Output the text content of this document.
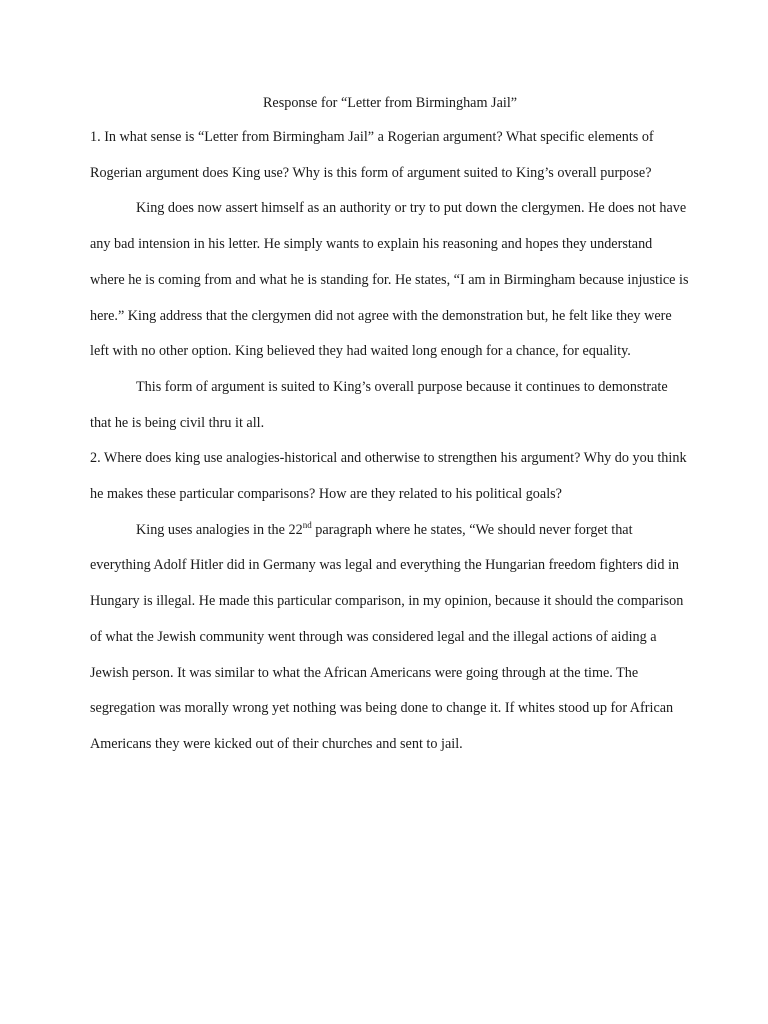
Response for “Letter from Birmingham Jail”

1. In what sense is “Letter from Birmingham Jail” a Rogerian argument? What specific elements of Rogerian argument does King use? Why is this form of argument suited to King’s overall purpose?

King does now assert himself as an authority or try to put down the clergymen. He does not have any bad intension in his letter. He simply wants to explain his reasoning and hopes they understand where he is coming from and what he is standing for. He states, “I am in Birmingham because injustice is here.” King address that the clergymen did not agree with the demonstration but, he felt like they were left with no other option. King believed they had waited long enough for a chance, for equality.

This form of argument is suited to King’s overall purpose because it continues to demonstrate that he is being civil thru it all.

2. Where does king use analogies-historical and otherwise to strengthen his argument? Why do you think he makes these particular comparisons? How are they related to his political goals?

King uses analogies in the 22nd paragraph where he states, “We should never forget that everything Adolf Hitler did in Germany was legal and everything the Hungarian freedom fighters did in Hungary is illegal. He made this particular comparison, in my opinion, because it should the comparison of what the Jewish community went through was considered legal and the illegal actions of aiding a Jewish person. It was similar to what the African Americans were going through at the time. The segregation was morally wrong yet nothing was being done to change it. If whites stood up for African Americans they were kicked out of their churches and sent to jail.
